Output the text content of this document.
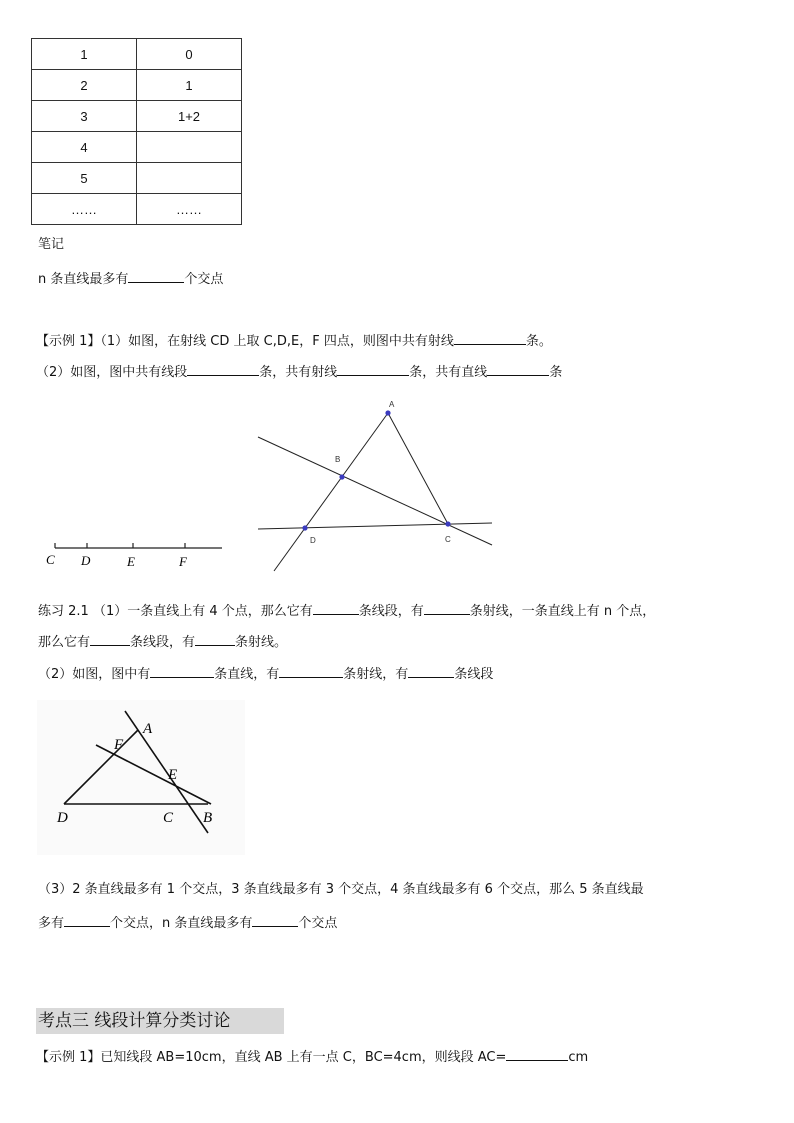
1	0
2	1
3	1+2
4	
5	
……	……
笔记
n 条直线最多有	个交点
【示例 1】（1）如图，在射线 CD 上取 C,D,E，F 四点，则图中共有射线	条。
（2）如图，图中共有线段	条，共有射线	条，共有直线	条
C D	E	F
A
B
D	C
练习 2.1 （1）一条直线上有 4 个点，那么它有	条线段，有	条射线，一条直线上有 n 个点，
那么它有	条线段，有	条射线。
（2）如图，图中有	条直线，有	条射线，有	条线段
A
F
E
D	C B
（3）2 条直线最多有 1 个交点，3 条直线最多有 3 个交点，4 条直线最多有 6 个交点，那么 5 条直线最
多有	个交点，n 条直线最多有	个交点
考点三 线段计算分类讨论
【示例 1】已知线段 AB=10cm，直线 AB 上有一点 C，BC=4cm，则线段 AC=	cm
